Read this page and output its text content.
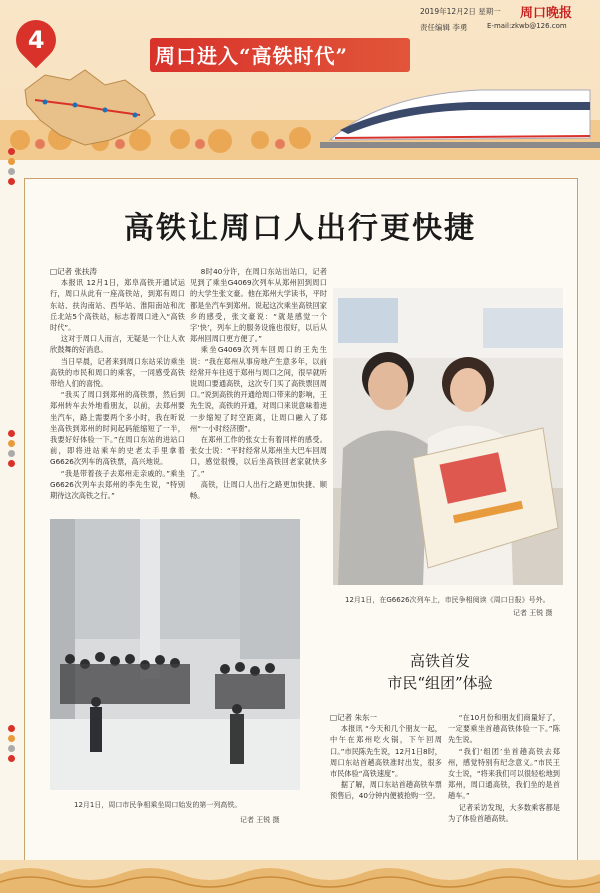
4
周口进入“高铁时代”
2019年12月2日 星期一 周口晚报
责任编辑 李勇	E-mail:zkwb@126.com
高铁让周口人出行更快捷

□记者 张扶涛

本报讯 12月1日，郑阜高铁开通试运行，周口从此有一座高铁站，到郑有周口东站、扶沟南站、西华站、淮阳南站和沈丘北站5个高铁站，标志着周口进入“高铁时代”。

这对于周口人而言，无疑是一个让人欢欣鼓舞的好消息。

当日早晨，记者来到周口东站采访乘坐高铁的市民和周口的乘客，一同感受高铁带给人们的喜悦。

“我买了周口到郑州的高铁票，然后到郑州转车去外地看朋友，以前，去郑州要坐汽车，路上需要两个多小时，我在听说坐高铁到郑州的时间起码能缩短了一半，我要好好体验一下。”在周口东站的进站口前，即将进站乘车的史老太手里拿着G6626次列车的高铁票，高兴地说。

“我是带着孩子去郑州走亲戚的。”乘坐G6626次列车去郑州的李先生说，“特别期待这次高铁之行。”

8时40分许，在周口东站出站口，记者见到了乘坐G4069次列车从郑州回到周口的大学生张文豪。他在郑州大学读书，平时都是坐汽车到郑州。说起这次乘坐高铁回家乡的感受，张文豪说：“就是感觉一个字‘快’，列车上的服务设施也很好，以后从郑州回周口更方便了。”

乘坐G4069次列车回周口的王先生说：“我在郑州从事房地产生意多年，以前经常开车往返于郑州与周口之间，很早就听说周口要通高铁，这次专门买了高铁票回周口。”说到高铁的开通给周口带来的影响，王先生说，高铁的开通，对周口来说意味着进一步缩短了时空距离，让周口融入了郑州“一小时经济圈”。

在郑州工作的张女士有着同样的感受。张女士说：“平时经常从郑州坐大巴车回周口，感觉很慢，以后坐高铁回老家就快多了。”

高铁，让周口人出行之路更加快捷、顺畅。

12月1日，在G6626次列车上，市民争相阅读《周口日报》号外。
记者 王锐 摄
12月1日，周口市民争相乘坐周口始发的第一列高铁。
记者 王锐 摄
高铁首发
市民“组团”体验

□记者 朱东一

本报讯 “今天和几个朋友一起，中午在郑州吃火锅，下午回周口。”市民陈先生说，12月1日8时，周口东站首趟高铁准时出发，很多市民体验“高铁速度”。

据了解，周口东站首趟高铁车票预售后，40分钟内便被抢购一空。

“在10月份和朋友们商量好了，一定要乘坐首趟高铁体验一下。”陈先生说。

“我们‘组团’坐首趟高铁去郑州，感觉特别有纪念意义。”市民王女士说，“将来我们可以很轻松地到郑州，周口通高铁，我们坐的是首趟车。”

记者采访发现，大多数乘客都是为了体验首趟高铁。
